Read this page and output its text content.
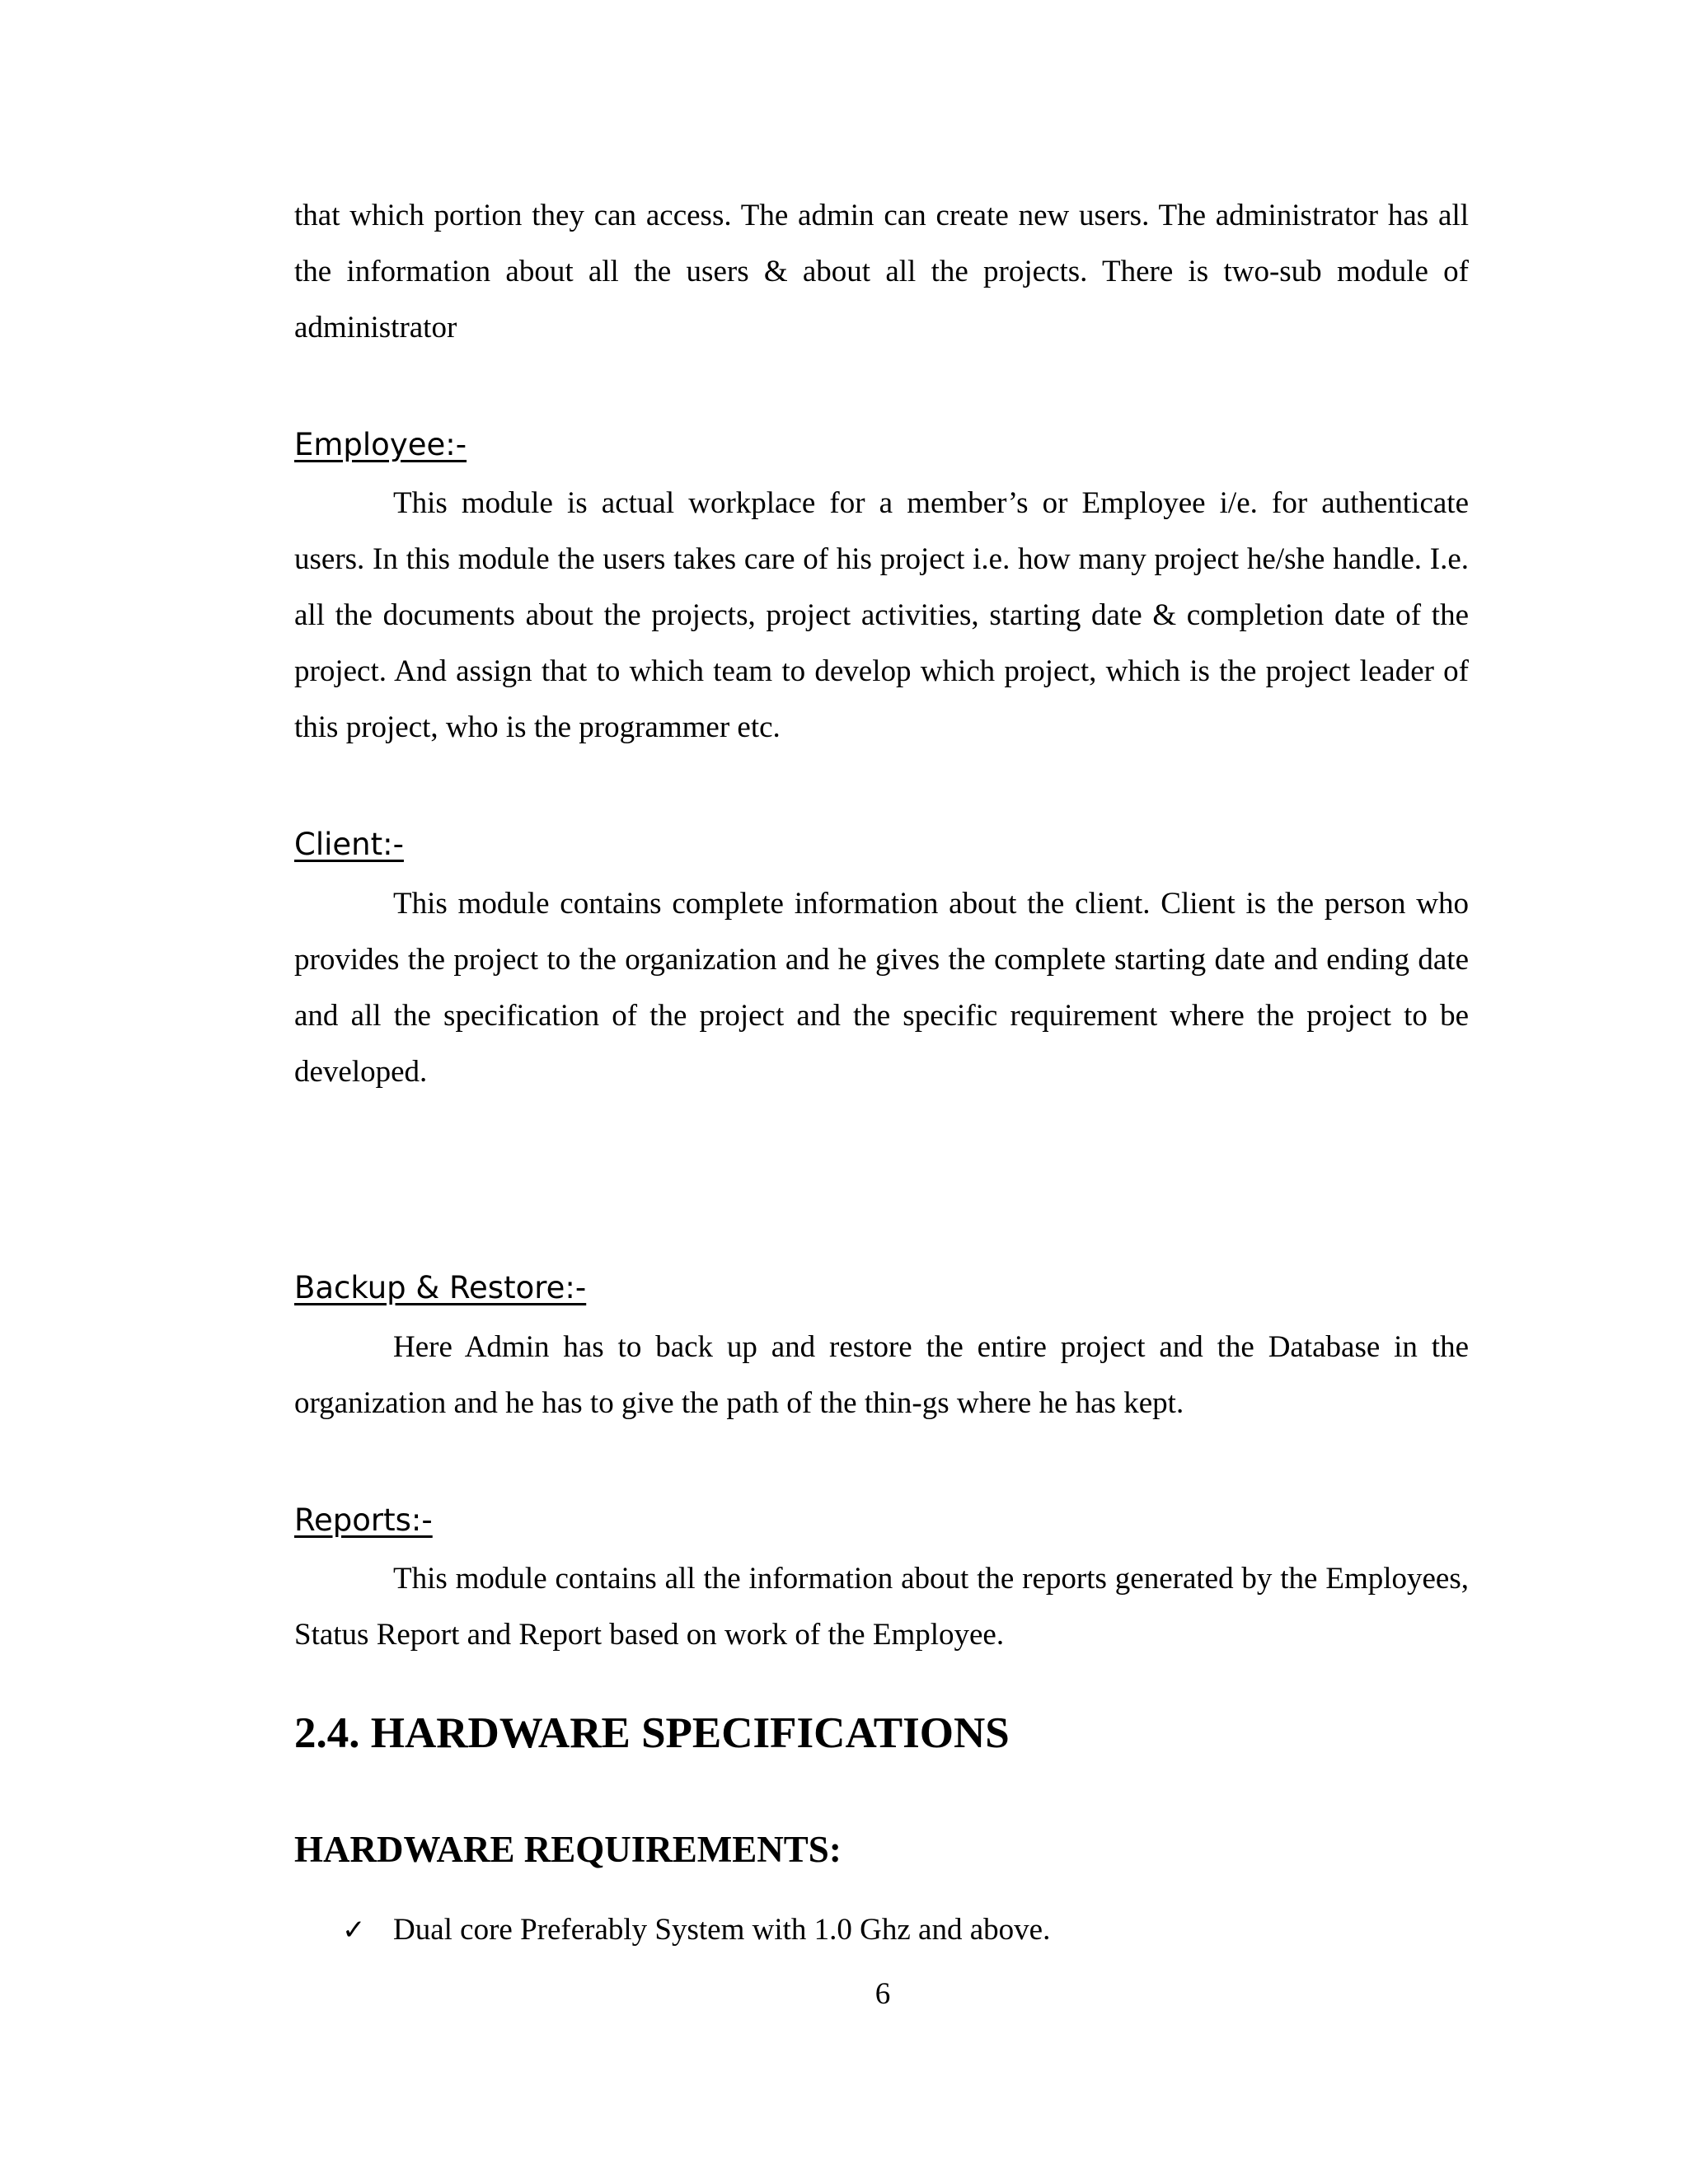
that which portion they can access. The admin can create new users. The administrator has all the information about all the users & about all the projects. There is two-sub module of administrator

Employee:-

This module is actual workplace for a member’s or Employee i/e. for authenticate users. In this module the users takes care of his project i.e. how many project he/she handle. I.e. all the documents about the projects, project activities, starting date & completion date of the project. And assign that to which team to develop which project, which is the project leader of this project, who is the programmer etc.

Client:-

This module contains complete information about the client. Client is the person who provides the project to the organization and he gives the complete starting date and ending date and all the specification of the project and the specific requirement where the project to be developed.

Backup & Restore:-

Here Admin has to back up and restore the entire project and the Database in the organization and he has to give the path of the thin-gs where he has kept.

Reports:-

This module contains all the information about the reports generated by the Employees, Status Report and Report based on work of the Employee.

2.4. HARDWARE SPECIFICATIONS
HARDWARE REQUIREMENTS:
✓ Dual core Preferably System with 1.0 Ghz and above.
6
